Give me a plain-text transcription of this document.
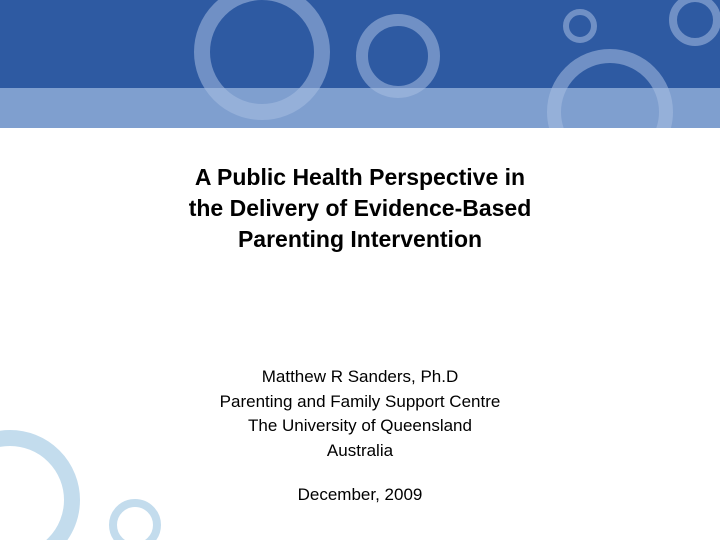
A Public Health Perspective in
the Delivery of Evidence-Based
Parenting Intervention
Matthew R Sanders, Ph.D
Parenting and Family Support Centre
The University of Queensland
Australia
December, 2009
